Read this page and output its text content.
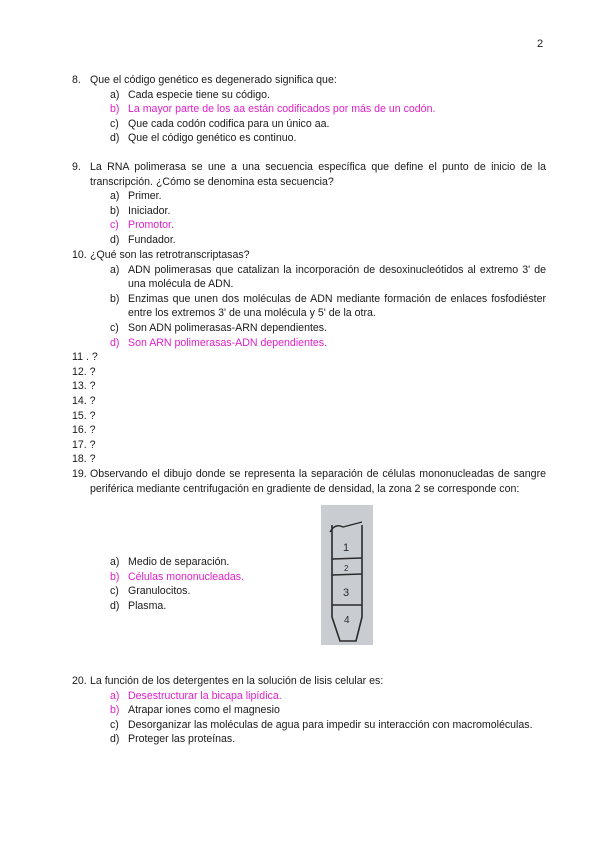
2
8. Que el código genético es degenerado significa que:
a) Cada especie tiene su código.
b) La mayor parte de los aa están codificados por más de un codón.
c) Que cada codón codifica para un único aa.
d) Que el código genético es continuo.
9. La RNA polimerasa se une a una secuencia específica que define el punto de inicio de la transcripción. ¿Cómo se denomina esta secuencia?
a) Primer.
b) Iniciador.
c) Promotor.
d) Fundador.
10. ¿Qué son las retrotranscriptasas?
a) ADN polimerasas que catalizan la incorporación de desoxinucleótidos al extremo 3' de una molécula de ADN.
b) Enzimas que unen dos moléculas de ADN mediante formación de enlaces fosfodiéster entre los extremos 3' de una molécula y 5' de la otra.
c) Son ADN polimerasas-ARN dependientes.
d) Son ARN polimerasas-ADN dependientes.
11 . ?
12. ?
13. ?
14. ?
15. ?
16. ?
17. ?
18. ?
19. Observando el dibujo donde se representa la separación de células mononucleadas de sangre periférica mediante centrifugación en gradiente de densidad, la zona 2 se corresponde con:
a) Medio de separación.
b) Células mononucleadas.
c) Granulocitos.
d) Plasma.
1
2
3
4
20. La función de los detergentes en la solución de lisis celular es:
a) Desestructurar la bicapa lipídica.
b) Atrapar iones como el magnesio
c) Desorganizar las moléculas de agua para impedir su interacción con macromoléculas.
d) Proteger las proteínas.
